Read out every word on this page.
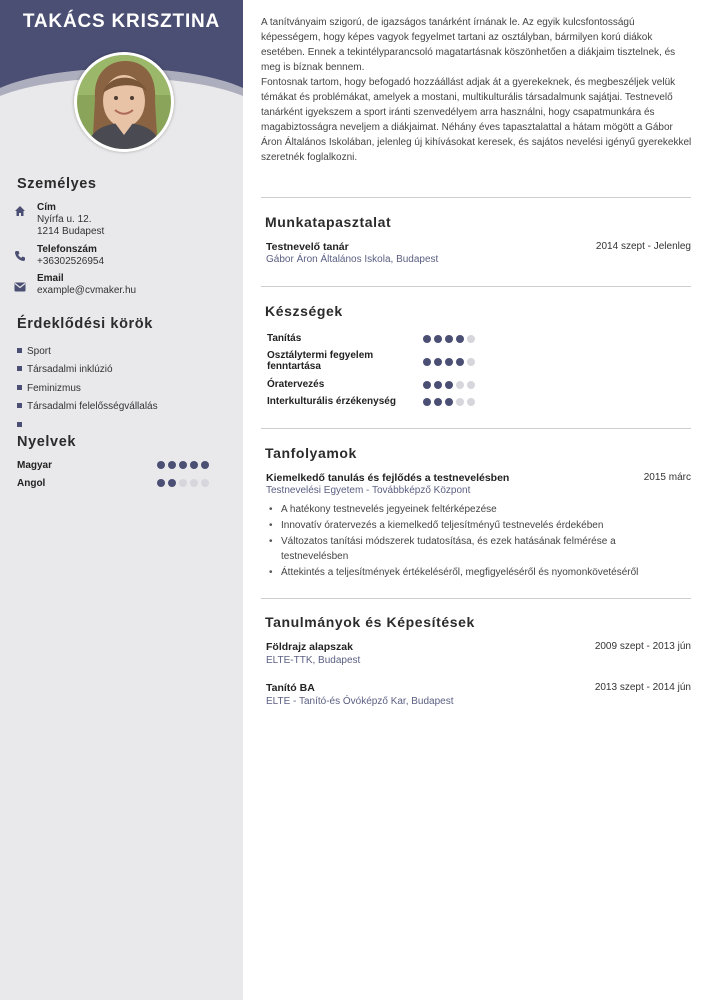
TAKÁCS KRISZTINA
Személyes
Cím
Nyírfa u. 12.
1214 Budapest
Telefonszám
+36302526954
Email
example@cvmaker.hu
Érdeklődési körök
Sport
Társadalmi inklúzió
Feminizmus
Társadalmi felelősségvállalás
Nyelvek
Magyar
Angol

A tanítványaim szigorú, de igazságos tanárként írnának le. Az egyik kulcsfontosságú képességem, hogy képes vagyok fegyelmet tartani az osztályban, bármilyen korú diákok esetében. Ennek a tekintélyparancsoló magatartásnak köszönhetően a diákjaim tisztelnek, és meg is bíznak bennem.
Fontosnak tartom, hogy befogadó hozzáállást adjak át a gyerekeknek, és megbeszéljek velük témákat és problémákat, amelyek a mostani, multikulturális társadalmunk sajátjai. Testnevelő tanárként igyekszem a sport iránti szenvedélyem arra használni, hogy csapatmunkára és magabiztosságra neveljem a diákjaimat. Néhány éves tapasztalattal a hátam mögött a Gábor Áron Általános Iskolában, jelenleg új kihívásokat keresek, és sajátos nevelési igényű gyerekekkel szeretnék foglalkozni.

Munkatapasztalat
Testnevelő tanár	2014 szept - Jelenleg
Gábor Áron Általános Iskola, Budapest
Készségek
Tanítás
Osztálytermi fegyelem fenntartása
Óratervezés
Interkulturális érzékenység
Tanfolyamok
Kiemelkedő tanulás és fejlődés a testnevelésben	2015 márc
Testnevelési Egyetem - Továbbképző Központ
• A hatékony testnevelés jegyeinek feltérképezése
• Innovatív óratervezés a kiemelkedő teljesítményű testnevelés érdekében
• Változatos tanítási módszerek tudatosítása, és ezek hatásának felmérése a testnevelésben
• Áttekintés a teljesítmények értékeléséről, megfigyeléséről és nyomonkövetéséről
Tanulmányok és Képesítések
Földrajz alapszak	2009 szept - 2013 jún
ELTE-TTK, Budapest
Tanító BA	2013 szept - 2014 jún
ELTE - Tanító-és Óvóképző Kar, Budapest
